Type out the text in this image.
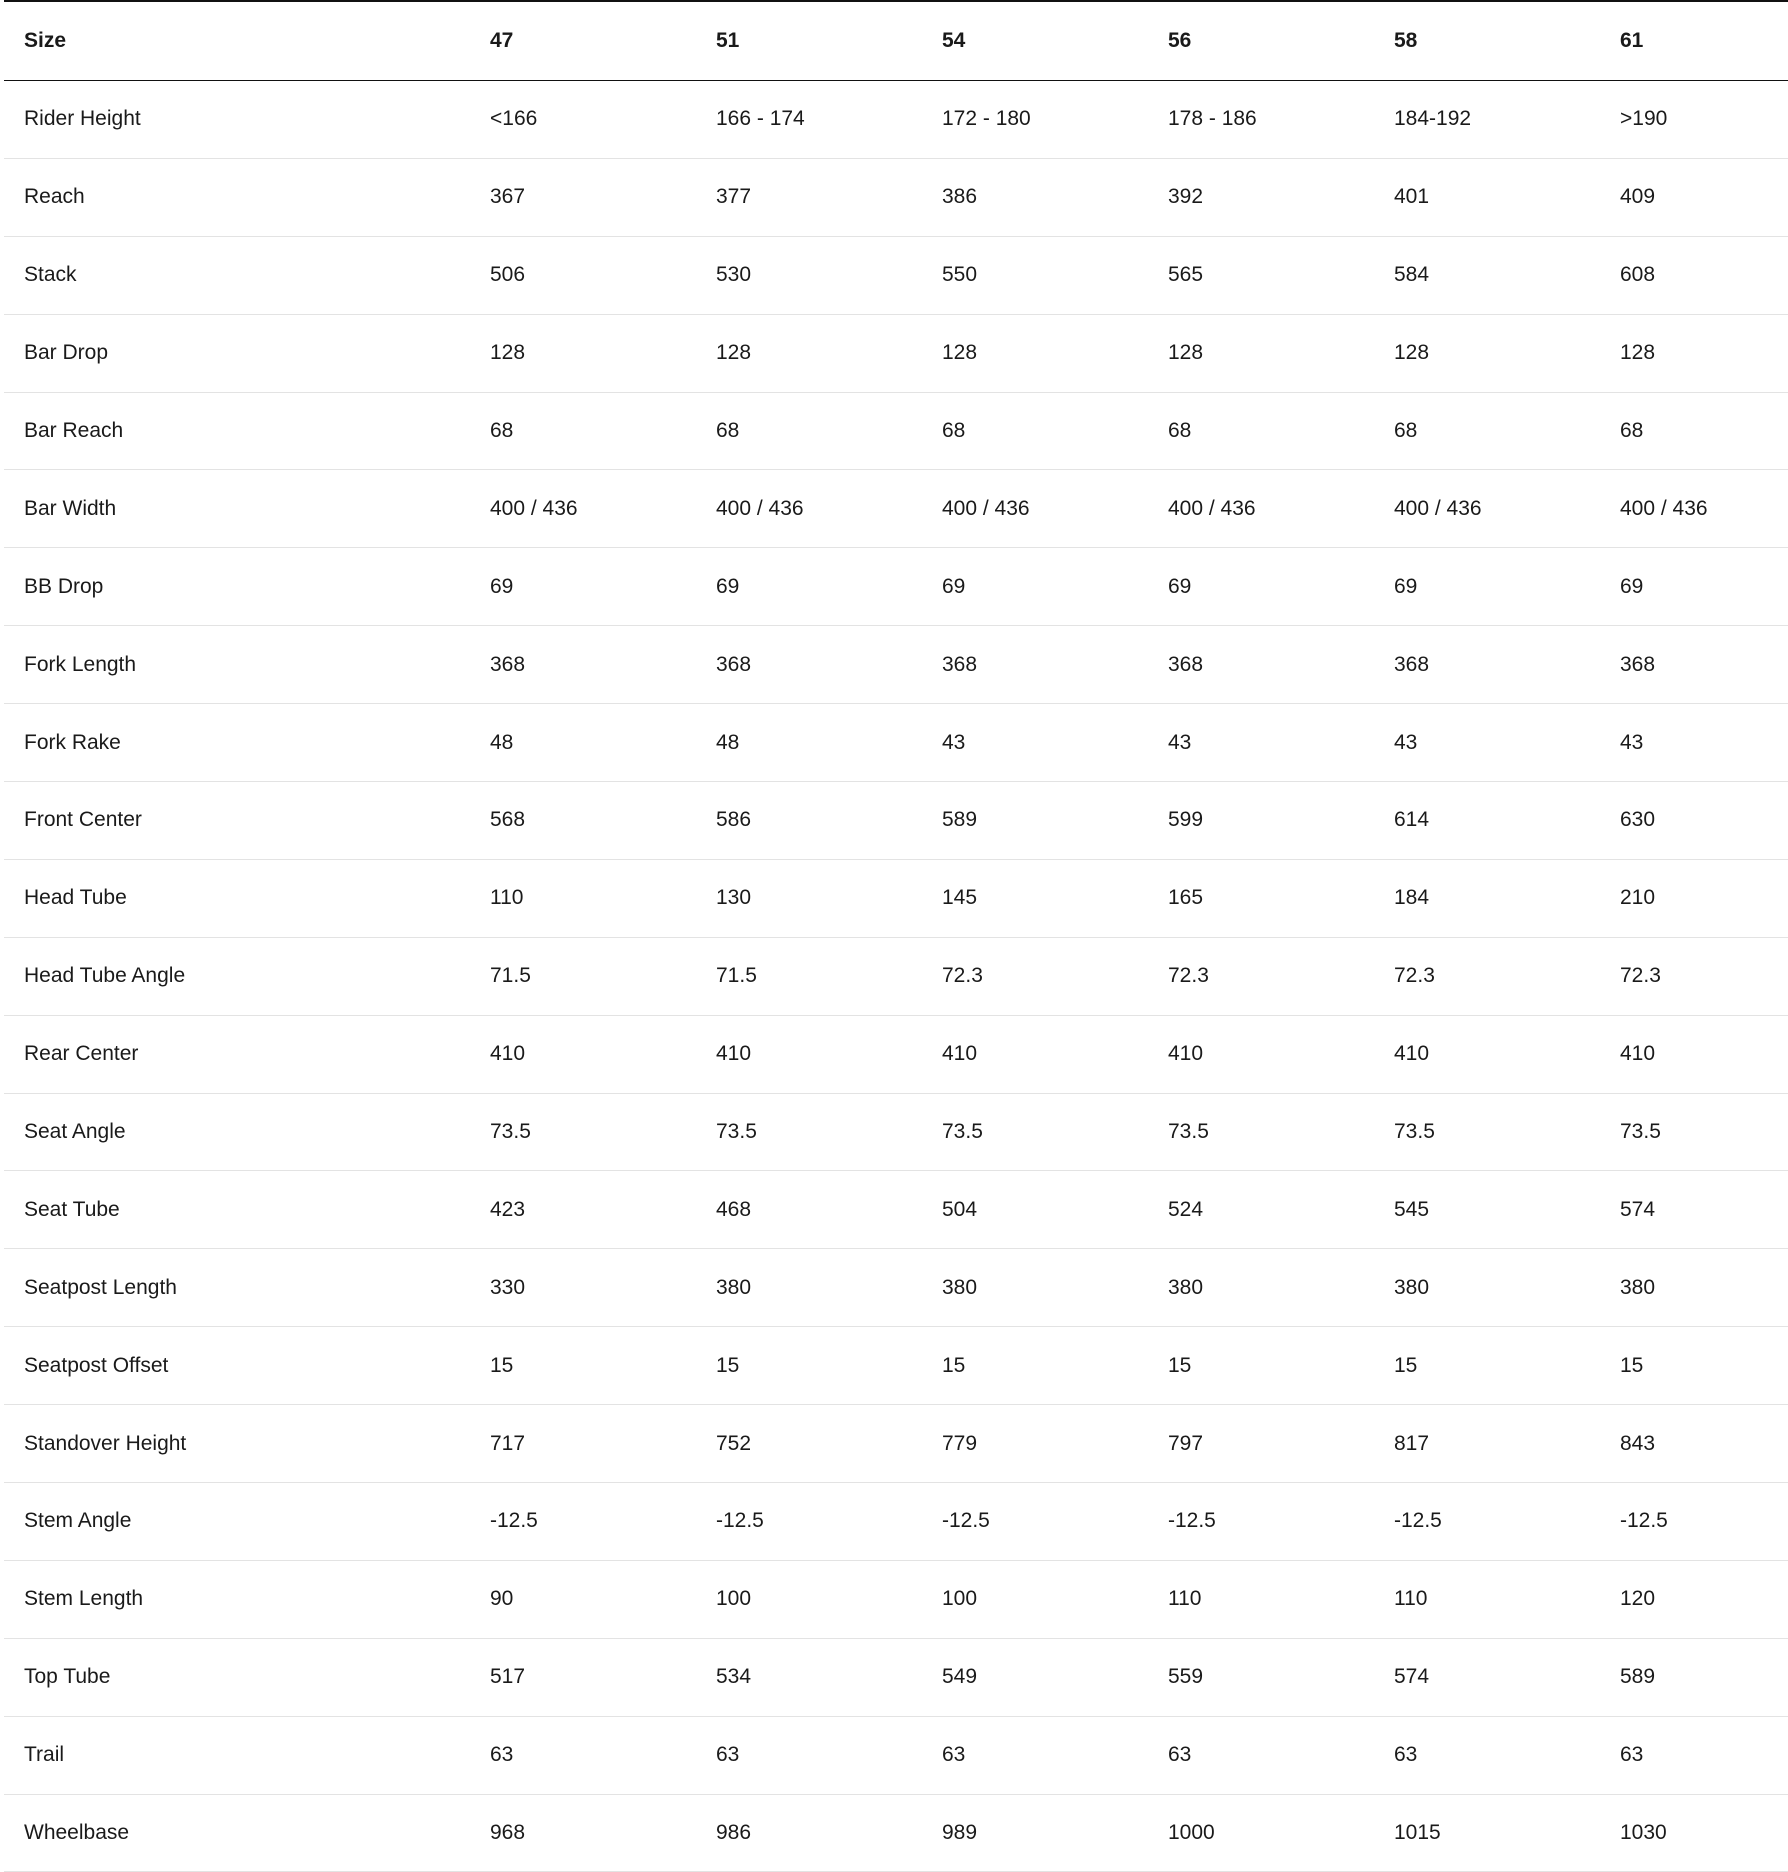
Size	47	51	54	56	58	61
Rider Height	<166	166 - 174	172 - 180	178 - 186	184-192	>190
Reach	367	377	386	392	401	409
Stack	506	530	550	565	584	608
Bar Drop	128	128	128	128	128	128
Bar Reach	68	68	68	68	68	68
Bar Width	400 / 436	400 / 436	400 / 436	400 / 436	400 / 436	400 / 436
BB Drop	69	69	69	69	69	69
Fork Length	368	368	368	368	368	368
Fork Rake	48	48	43	43	43	43
Front Center	568	586	589	599	614	630
Head Tube	110	130	145	165	184	210
Head Tube Angle	71.5	71.5	72.3	72.3	72.3	72.3
Rear Center	410	410	410	410	410	410
Seat Angle	73.5	73.5	73.5	73.5	73.5	73.5
Seat Tube	423	468	504	524	545	574
Seatpost Length	330	380	380	380	380	380
Seatpost Offset	15	15	15	15	15	15
Standover Height	717	752	779	797	817	843
Stem Angle	-12.5	-12.5	-12.5	-12.5	-12.5	-12.5
Stem Length	90	100	100	110	110	120
Top Tube	517	534	549	559	574	589
Trail	63	63	63	63	63	63
Wheelbase	968	986	989	1000	1015	1030
